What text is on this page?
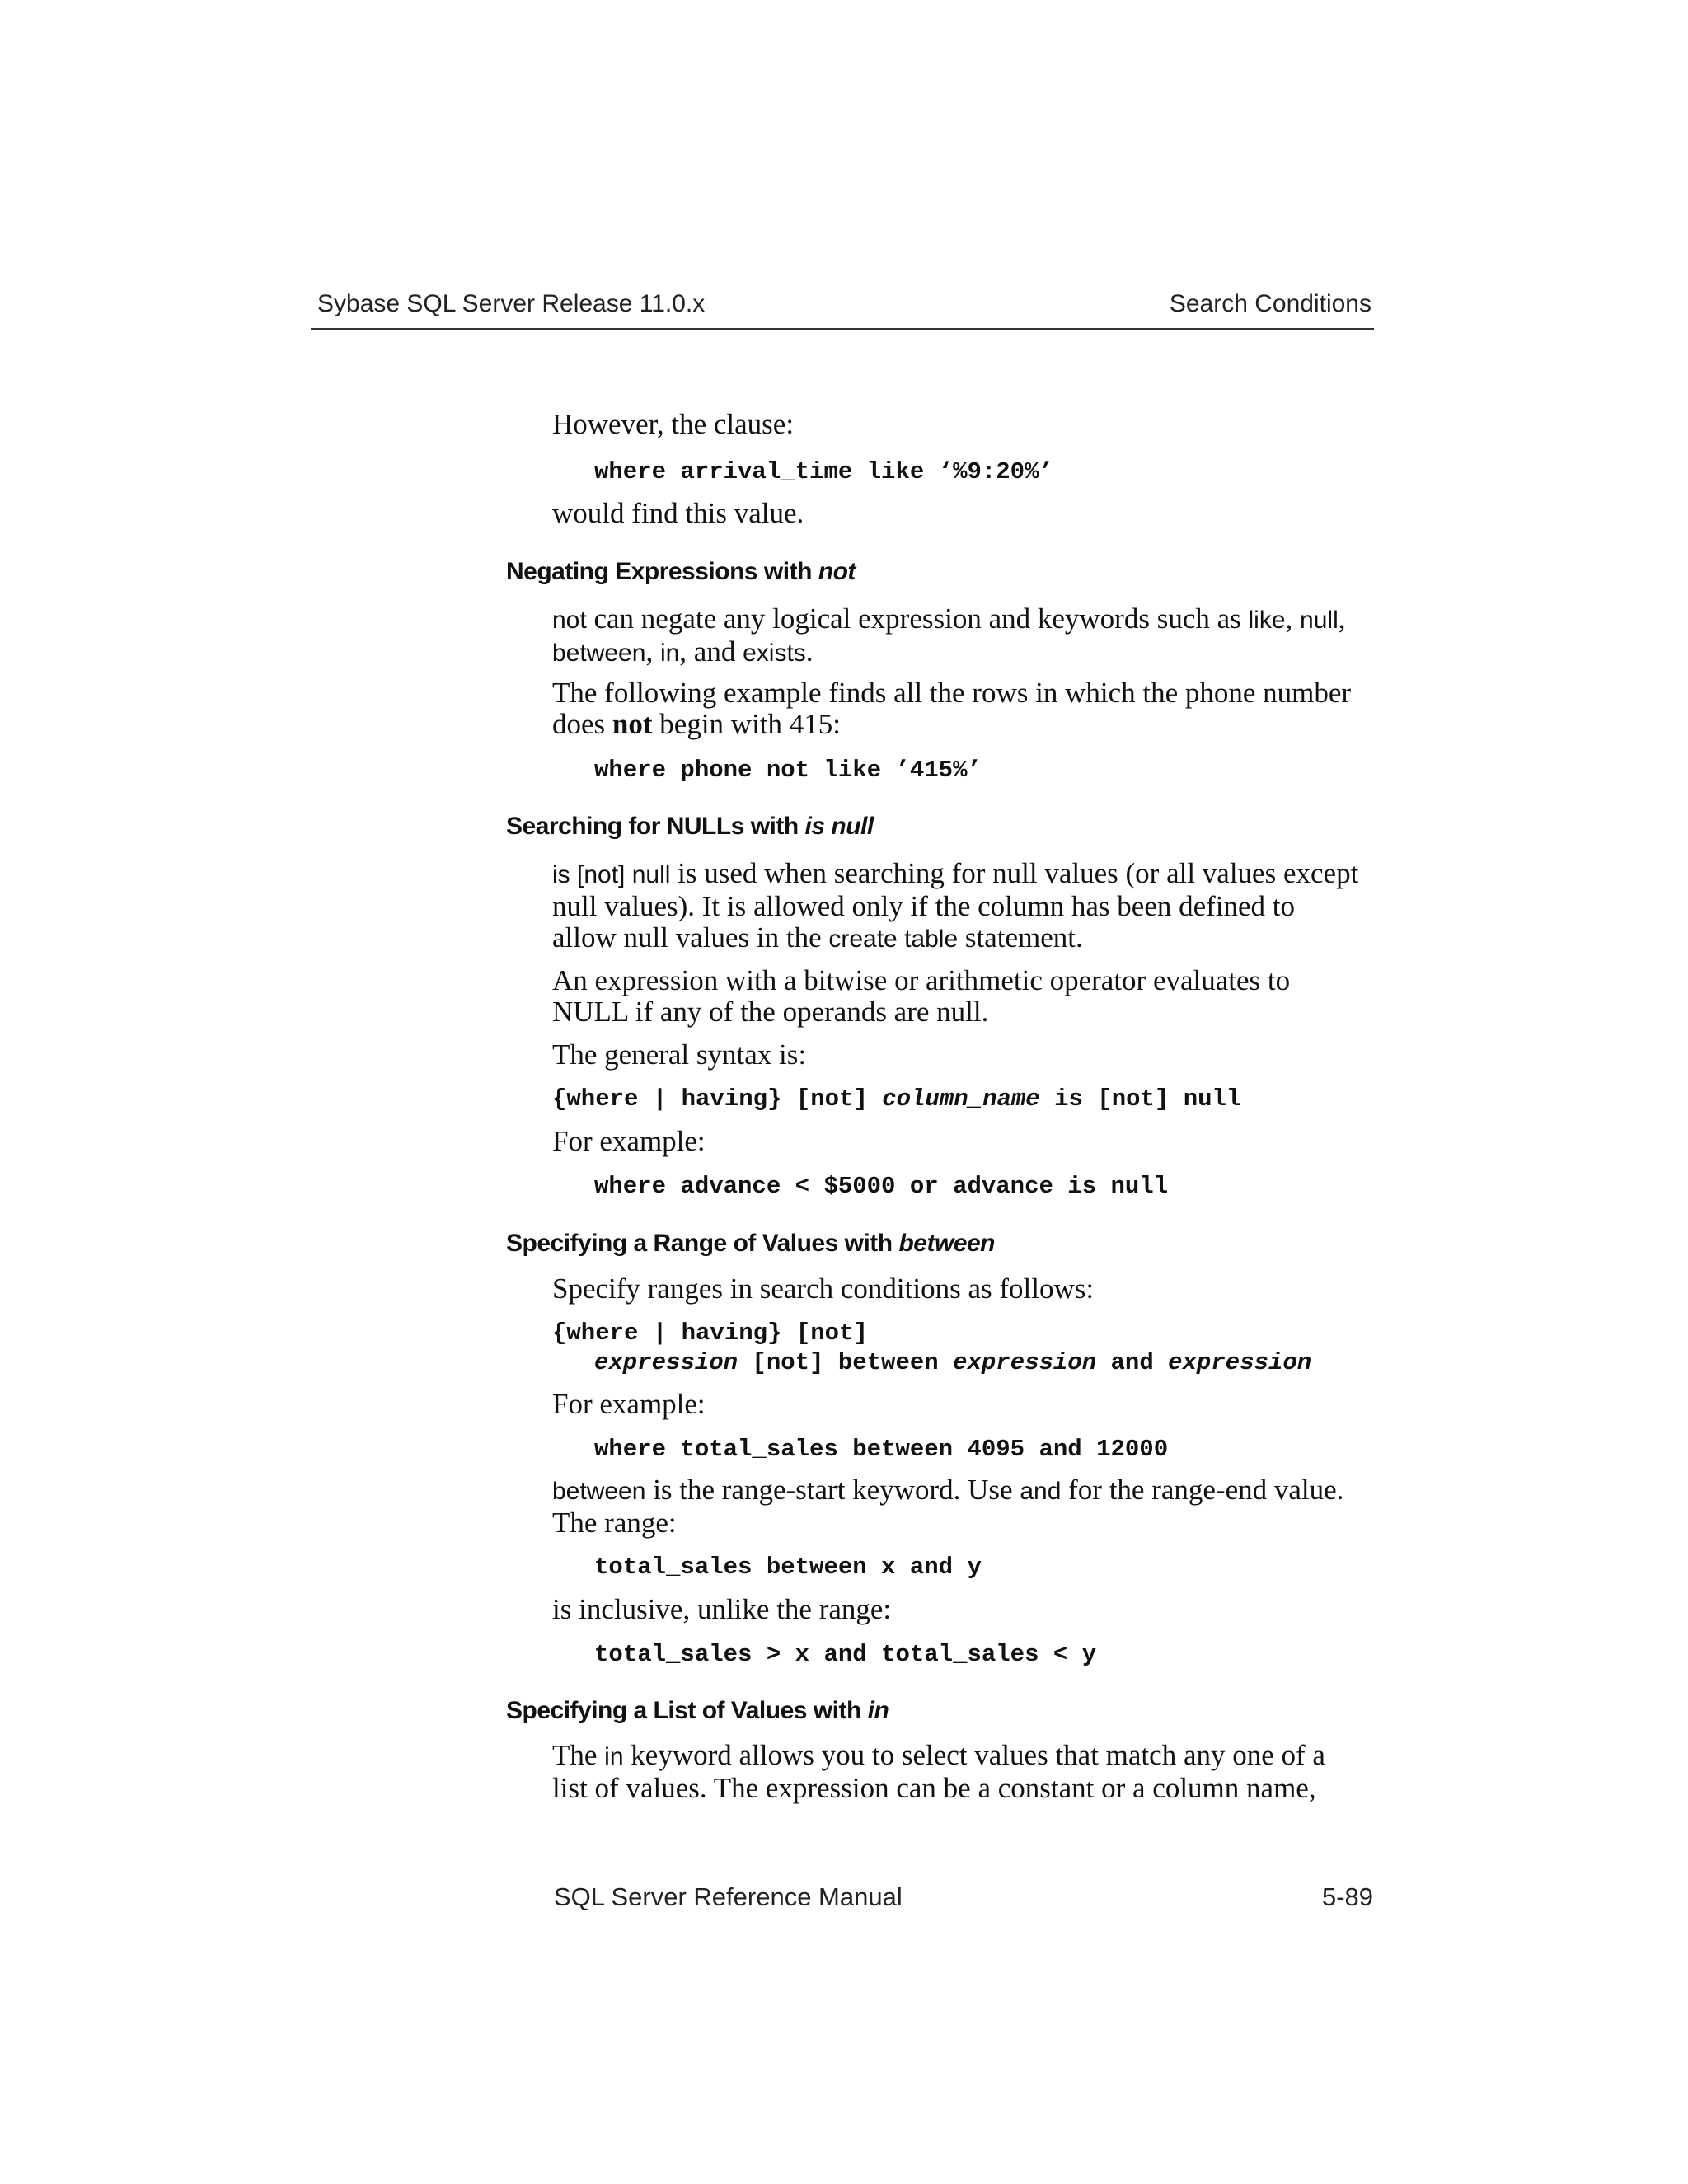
Sybase SQL Server Release 11.0.x	Search Conditions
However, the clause:
where arrival_time like ‘%9:20%’
would find this value.
Negating Expressions with not
not can negate any logical expression and keywords such as like, null,
between, in, and exists.
The following example finds all the rows in which the phone number
does not begin with 415:
where phone not like ’415%’
Searching for NULLs with is null
is [not] null is used when searching for null values (or all values except
null values). It is allowed only if the column has been defined to
allow null values in the create table statement.
An expression with a bitwise or arithmetic operator evaluates to
NULL if any of the operands are null.
The general syntax is:
{where | having} [not] column_name is [not] null
For example:
where advance < $5000 or advance is null
Specifying a Range of Values with between
Specify ranges in search conditions as follows:
{where | having} [not]
expression [not] between expression and expression
For example:
where total_sales between 4095 and 12000
between is the range-start keyword. Use and for the range-end value.
The range:
total_sales between x and y
is inclusive, unlike the range:
total_sales > x and total_sales < y
Specifying a List of Values with in
The in keyword allows you to select values that match any one of a
list of values. The expression can be a constant or a column name,
SQL Server Reference Manual	5-89
